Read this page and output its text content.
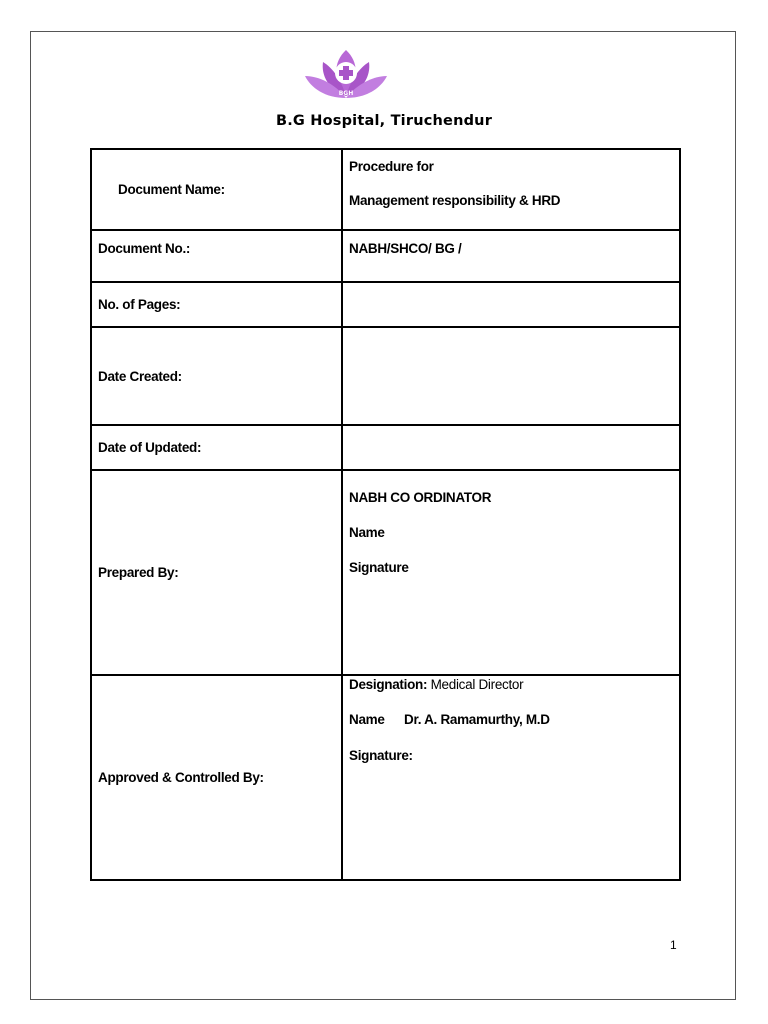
BGH
B.G Hospital, Tiruchendur
Document Name:	Procedure for
Management responsibility & HRD

Document No.:	NABH/SHCO/ BG /

No. of Pages:	
Date Created:	
Date of Updated:	
Prepared By:	NABH CO ORDINATOR
Name
Signature

Approved & Controlled By:	Designation: Medical Director
Name Dr. A. Ramamurthy, M.D
Signature:
1
